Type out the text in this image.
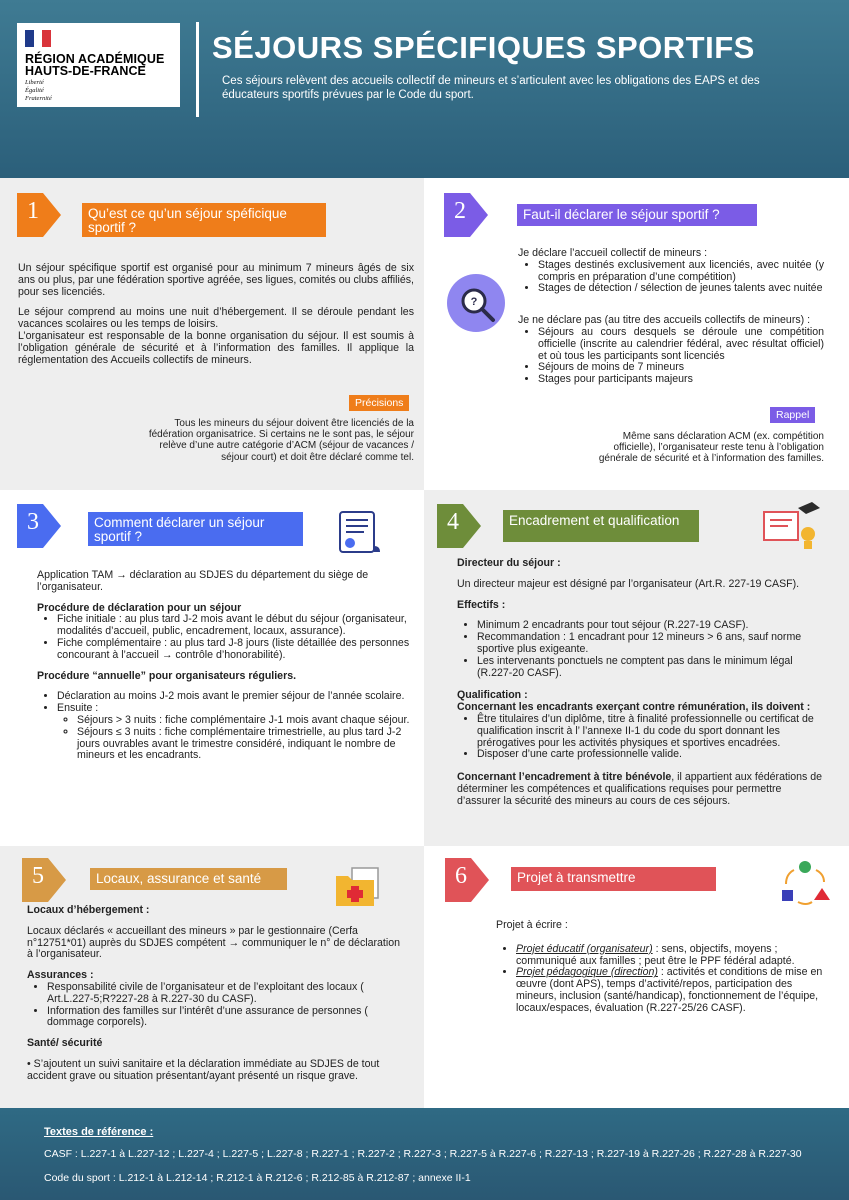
RÉGION ACADÉMIQUE
HAUTS-DE-FRANCE
Liberté
Égalité
Fraternité
SÉJOURS SPÉCIFIQUES SPORTIFS
Ces séjours relèvent des accueils collectif de mineurs et s’articulent avec les obligations des EAPS et des éducateurs sportifs prévues par le Code du sport.
1	Qu’est ce qu’un séjour spéficique sportif ?

Un séjour spécifique sportif est organisé pour au minimum 7 mineurs âgés de six ans ou plus, par une fédération sportive agréée, ses ligues, comités ou clubs affiliés, pour ses licenciés.

Le séjour comprend au moins une nuit d’hébergement. Il se déroule pendant les vacances scolaires ou les temps de loisirs.
L’organisateur est responsable de la bonne organisation du séjour. Il est soumis à l’obligation générale de sécurité et à l’information des familles. Il applique la réglementation des Accueils collectifs de mineurs.
Précisions
Tous les mineurs du séjour doivent être licenciés de la fédération organisatrice. Si certains ne le sont pas, le séjour relève d’une autre catégorie d’ACM (séjour de vacances / séjour court) et doit être déclaré comme tel.
2	Faut-il déclarer le séjour sportif ?
?
Je déclare l’accueil collectif de mineurs :
• Stages destinés exclusivement aux licenciés, avec nuitée (y compris en préparation d’une compétition)
• Stages de détection / sélection de jeunes talents avec nuitée
Je ne déclare pas (au titre des accueils collectifs de mineurs) :
• Séjours au cours desquels se déroule une compétition officielle (inscrite au calendrier fédéral, avec résultat officiel) et où tous les participants sont licenciés
• Séjours de moins de 7 mineurs
• Stages pour participants majeurs
Rappel
Même sans déclaration ACM (ex. compétition officielle), l’organisateur reste tenu à l’obligation générale de sécurité et à l’information des familles.
3	Comment déclarer un séjour sportif ?

Application TAM → déclaration au SDJES du département du siège de l’organisateur.

Procédure de déclaration pour un séjour
• Fiche initiale : au plus tard J-2 mois avant le début du séjour (organisateur, modalités d’accueil, public, encadrement, locaux, assurance).
• Fiche complémentaire : au plus tard J-8 jours (liste détaillée des personnes concourant à l’accueil → contrôle d’honorabilité).

Procédure “annuelle” pour organisateurs réguliers.

• Déclaration au moins J-2 mois avant le premier séjour de l’année scolaire.
• Ensuite :
◦ Séjours > 3 nuits : fiche complémentaire J-1 mois avant chaque séjour.
◦ Séjours ≤ 3 nuits : fiche complémentaire trimestrielle, au plus tard J-2 jours ouvrables avant le trimestre considéré, indiquant le nombre de mineurs et les encadrants.
4	Encadrement et qualification

Directeur du séjour :

Un directeur majeur est désigné par l’organisateur (Art.R. 227-19 CASF).

Effectifs :

• Minimum 2 encadrants pour tout séjour (R.227-19 CASF).
• Recommandation : 1 encadrant pour 12 mineurs > 6 ans, sauf norme sportive plus exigeante.
• Les intervenants ponctuels ne comptent pas dans le minimum légal (R.227-20 CASF).
Qualification :
Concernant les encadrants exerçant contre rémunération, ils doivent :
• Être titulaires d’un diplôme, titre à finalité professionnelle ou certificat de qualification inscrit à l’ l’annexe II-1 du code du sport donnant les prérogatives pour les activités physiques et sportives encadrées.
• Disposer d’une carte professionnelle valide.
Concernant l’encadrement à titre bénévole, il appartient aux fédérations de déterminer les compétences et qualifications requises pour permettre d’assurer la sécurité des mineurs au cours de ces séjours.
5	Locaux, assurance et santé

Locaux d’hébergement :

Locaux déclarés « accueillant des mineurs » par le gestionnaire (Cerfa n°12751*01) auprès du SDJES compétent → communiquer le n° de déclaration à l’organisateur.

Assurances :
• Responsabilité civile de l’organisateur et de l’exploitant des locaux ( Art.L.227-5;R?227-28 à R.227-30 du CASF).
• Information des familles sur l’intérêt d’une assurance de personnes ( dommage corporels).

Santé/ sécurité

• S’ajoutent un suivi sanitaire et la déclaration immédiate au SDJES de tout accident grave ou situation présentant/ayant présenté un risque grave.
6	Projet à transmettre
Projet à écrire :
• Projet éducatif (organisateur) : sens, objectifs, moyens ; communiqué aux familles ; peut être le PPF fédéral adapté.
• Projet pédagogique (direction) : activités et conditions de mise en œuvre (dont APS), temps d’activité/repos, participation des mineurs, inclusion (santé/handicap), fonctionnement de l’équipe, locaux/espaces, évaluation (R.227-25/26 CASF).
Textes de référence :
CASF : L.227-1 à L.227-12 ; L.227-4 ; L.227-5 ; L.227-8 ; R.227-1 ; R.227-2 ; R.227-3 ; R.227-5 à R.227-6 ; R.227-13 ; R.227-19 à R.227-26 ; R.227-28 à R.227-30
Code du sport : L.212-1 à L.212-14 ; R.212-1 à R.212-6 ; R.212-85 à R.212-87 ; annexe II-1
